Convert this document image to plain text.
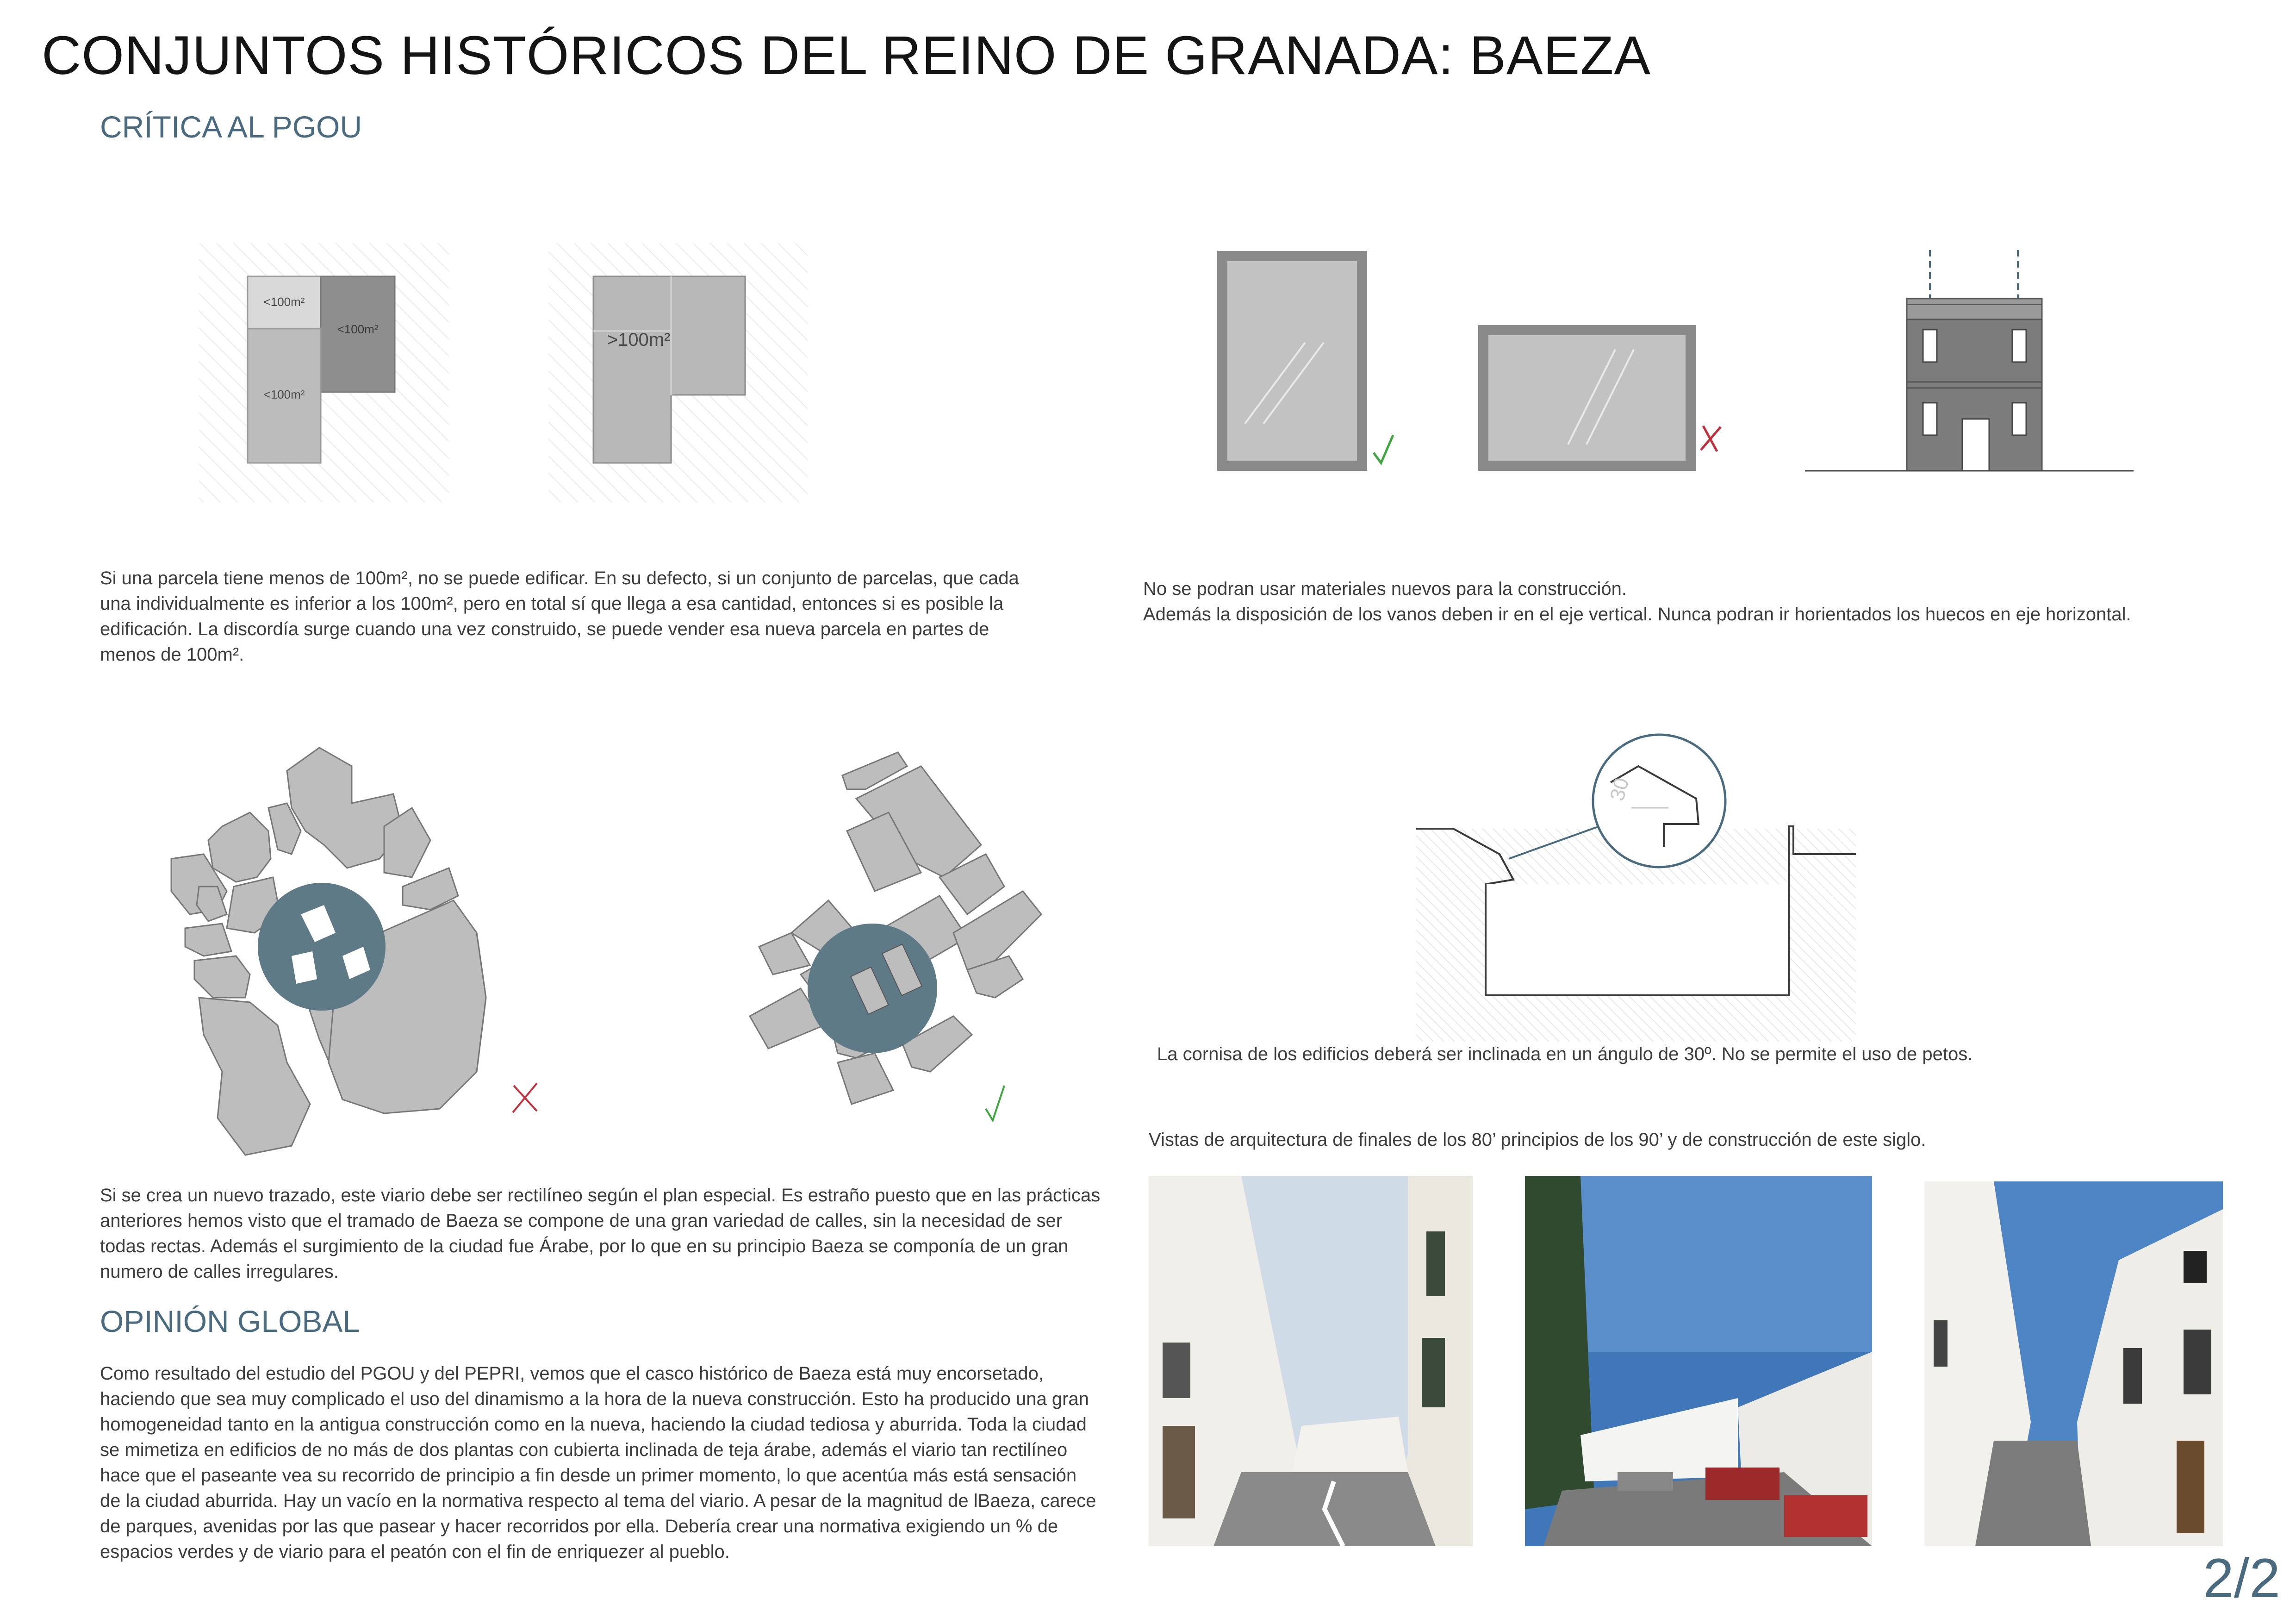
CONJUNTOS HISTÓRICOS DEL REINO DE GRANADA: BAEZA
CRÍTICA AL PGOU
<100m²
<100m²
<100m²
>100m²

Si una parcela tiene menos de 100m², no se puede edificar. En su defecto, si un conjunto de parcelas, que cada una individualmente es inferior a los 100m², pero en total sí que llega a esa cantidad, entonces si es posible la edificación. La discordía surge cuando una vez construido, se puede vender esa nueva parcela en partes de menos de 100m².

No se podran usar materiales nuevos para la construcción.

Además la disposición de los vanos deben ir en el eje vertical. Nunca podran ir horientados los huecos en eje horizontal.

Si se crea un nuevo trazado, este viario debe ser rectilíneo según el plan especial. Es estraño puesto que en las prácticas anteriores hemos visto que el tramado de Baeza se compone de una gran variedad de calles, sin la necesidad de ser todas rectas. Además el surgimiento de la ciudad fue Árabe, por lo que en su principio Baeza se componía de un gran numero de calles irregulares.

30

La cornisa de los edificios deberá ser inclinada en un ángulo de 30º. No se permite el uso de petos.

Vistas de arquitectura de finales de los 80’ principios de los 90’ y de construcción de este siglo.

OPINIÓN GLOBAL

Como resultado del estudio del PGOU y del PEPRI, vemos que el casco histórico de Baeza está muy encorsetado, haciendo que sea muy complicado el uso del dinamismo a la hora de la nueva construcción. Esto ha producido una gran homogeneidad tanto en la antigua construcción como en la nueva, haciendo la ciudad tediosa y aburrida. Toda la ciudad se mimetiza en edificios de no más de dos plantas con cubierta inclinada de teja árabe, además el viario tan rectilíneo hace que el paseante vea su recorrido de principio a fin desde un primer momento, lo que acentúa más está sensación de la ciudad aburrida. Hay un vacío en la normativa respecto al tema del viario. A pesar de la magnitud de lBaeza, carece de parques, avenidas por las que pasear y hacer recorridos por ella. Debería crear una normativa exigiendo un % de espacios verdes y de viario para el peatón con el fin de enriquezer al pueblo.	2/2
